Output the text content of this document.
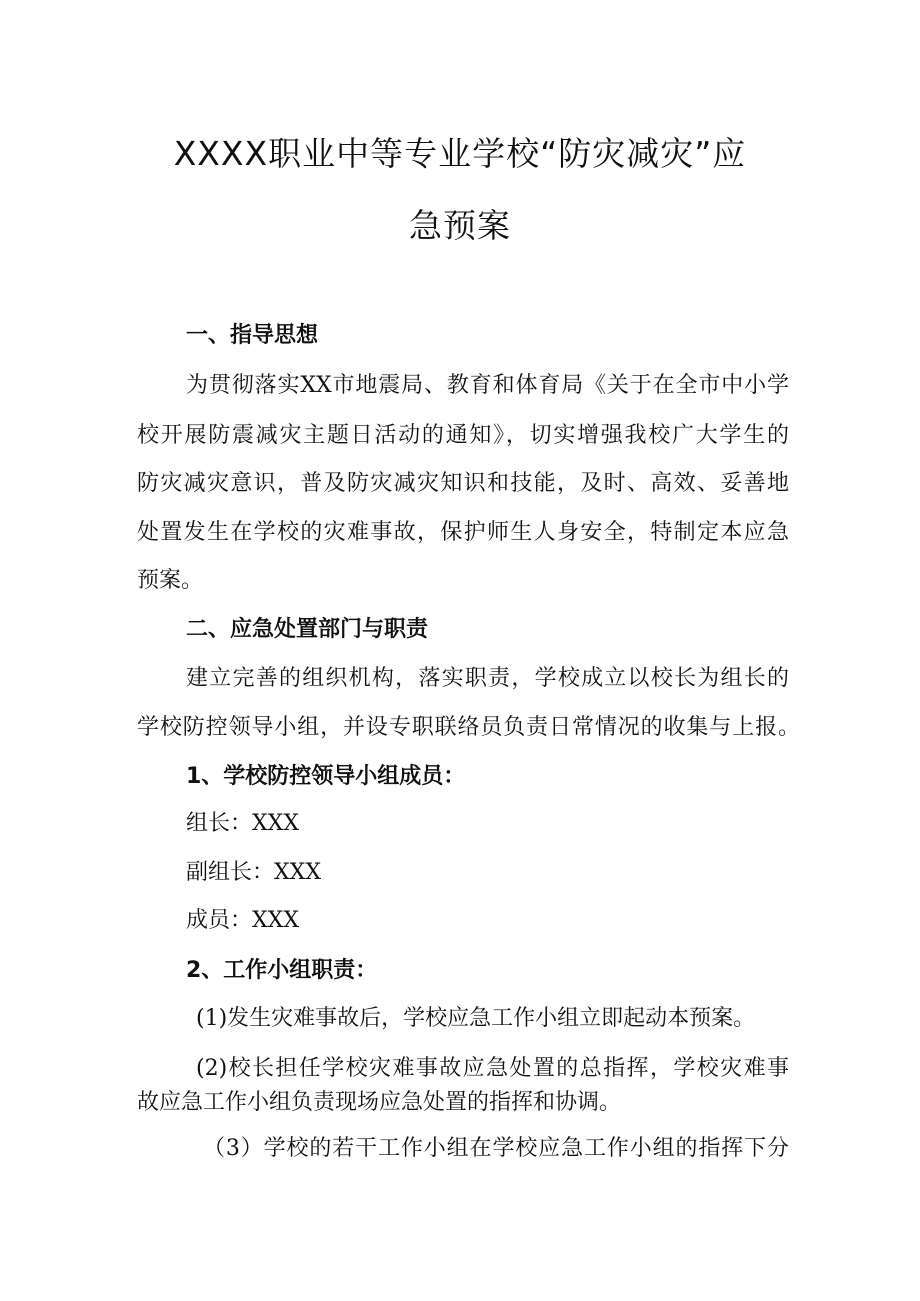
XXXX职业中等专业学校“防灾减灾”应
急预案
一、指导思想
为贯彻落实XX市地震局、教育和体育局《关于在全市中小学
校开展防震减灾主题日活动的通知》，切实增强我校广大学生的
防灾减灾意识，普及防灾减灾知识和技能，及时、高效、妥善地
处置发生在学校的灾难事故，保护师生人身安全，特制定本应急
预案。
二、应急处置部门与职责
建立完善的组织机构，落实职责，学校成立以校长为组长的
学校防控领导小组，并设专职联络员负责日常情况的收集与上报。
1、学校防控领导小组成员：
组长：XXX
副组长：XXX
成员：XXX
2、工作小组职责：
(1)发生灾难事故后，学校应急工作小组立即起动本预案。
(2)校长担任学校灾难事故应急处置的总指挥，学校灾难事
故应急工作小组负责现场应急处置的指挥和协调。
（3）学校的若干工作小组在学校应急工作小组的指挥下分
